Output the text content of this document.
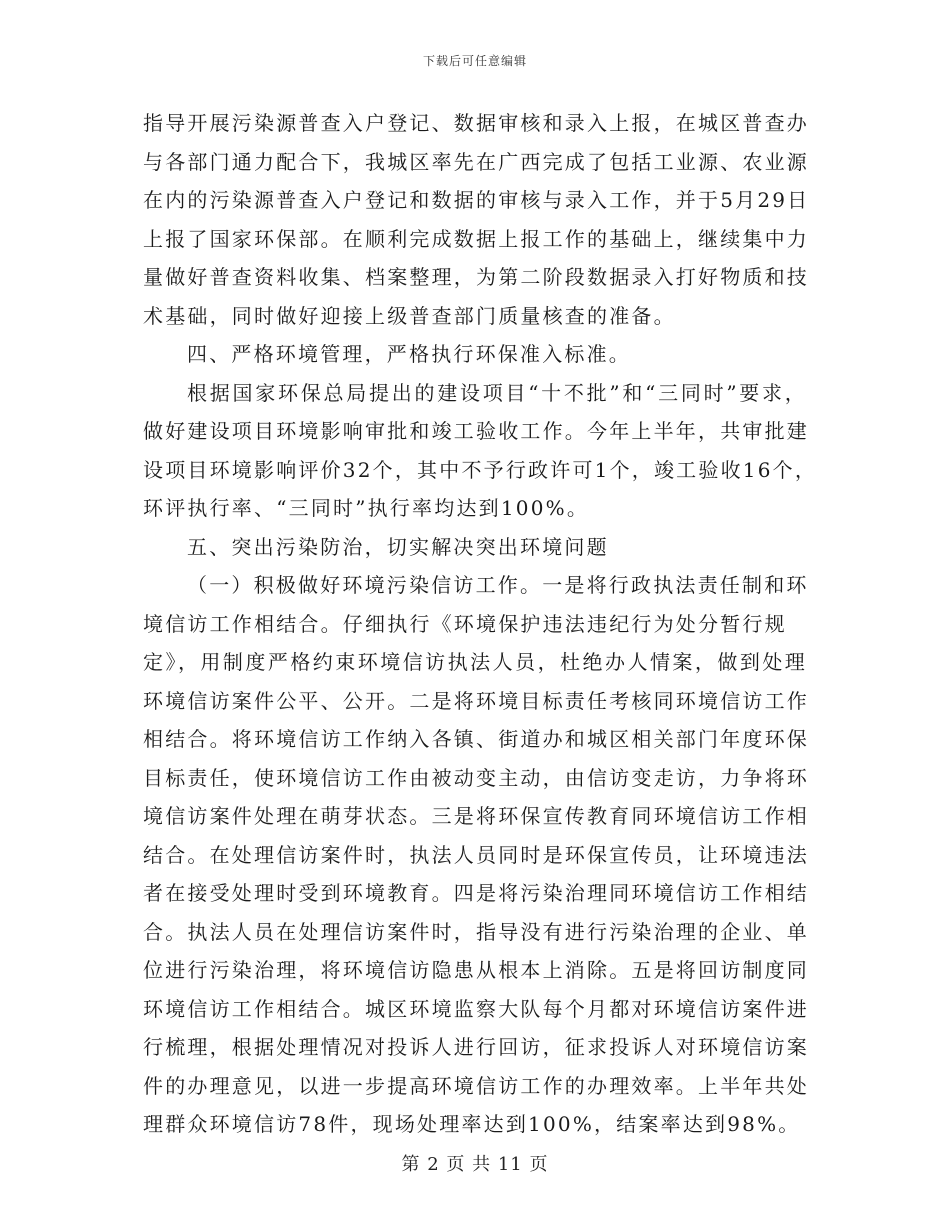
下载后可任意编辑
指导开展污染源普查入户登记、数据审核和录入上报，在城区普查办
与各部门通力配合下，我城区率先在广西完成了包括工业源、农业源
在内的污染源普查入户登记和数据的审核与录入工作，并于5月29日
上报了国家环保部。在顺利完成数据上报工作的基础上，继续集中力
量做好普查资料收集、档案整理，为第二阶段数据录入打好物质和技
术基础，同时做好迎接上级普查部门质量核查的准备。
四、严格环境管理，严格执行环保准入标准。
根据国家环保总局提出的建设项目“十不批”和“三同时”要求，
做好建设项目环境影响审批和竣工验收工作。今年上半年，共审批建
设项目环境影响评价32个，其中不予行政许可1个，竣工验收16个，
环评执行率、“三同时”执行率均达到100%。
五、突出污染防治，切实解决突出环境问题
（一）积极做好环境污染信访工作。一是将行政执法责任制和环
境信访工作相结合。仔细执行《环境保护违法违纪行为处分暂行规
定》，用制度严格约束环境信访执法人员，杜绝办人情案，做到处理
环境信访案件公平、公开。二是将环境目标责任考核同环境信访工作
相结合。将环境信访工作纳入各镇、街道办和城区相关部门年度环保
目标责任，使环境信访工作由被动变主动，由信访变走访，力争将环
境信访案件处理在萌芽状态。三是将环保宣传教育同环境信访工作相
结合。在处理信访案件时，执法人员同时是环保宣传员，让环境违法
者在接受处理时受到环境教育。四是将污染治理同环境信访工作相结
合。执法人员在处理信访案件时，指导没有进行污染治理的企业、单
位进行污染治理，将环境信访隐患从根本上消除。五是将回访制度同
环境信访工作相结合。城区环境监察大队每个月都对环境信访案件进
行梳理，根据处理情况对投诉人进行回访，征求投诉人对环境信访案
件的办理意见，以进一步提高环境信访工作的办理效率。上半年共处
理群众环境信访78件，现场处理率达到100%，结案率达到98%。
第 2 页 共 11 页
